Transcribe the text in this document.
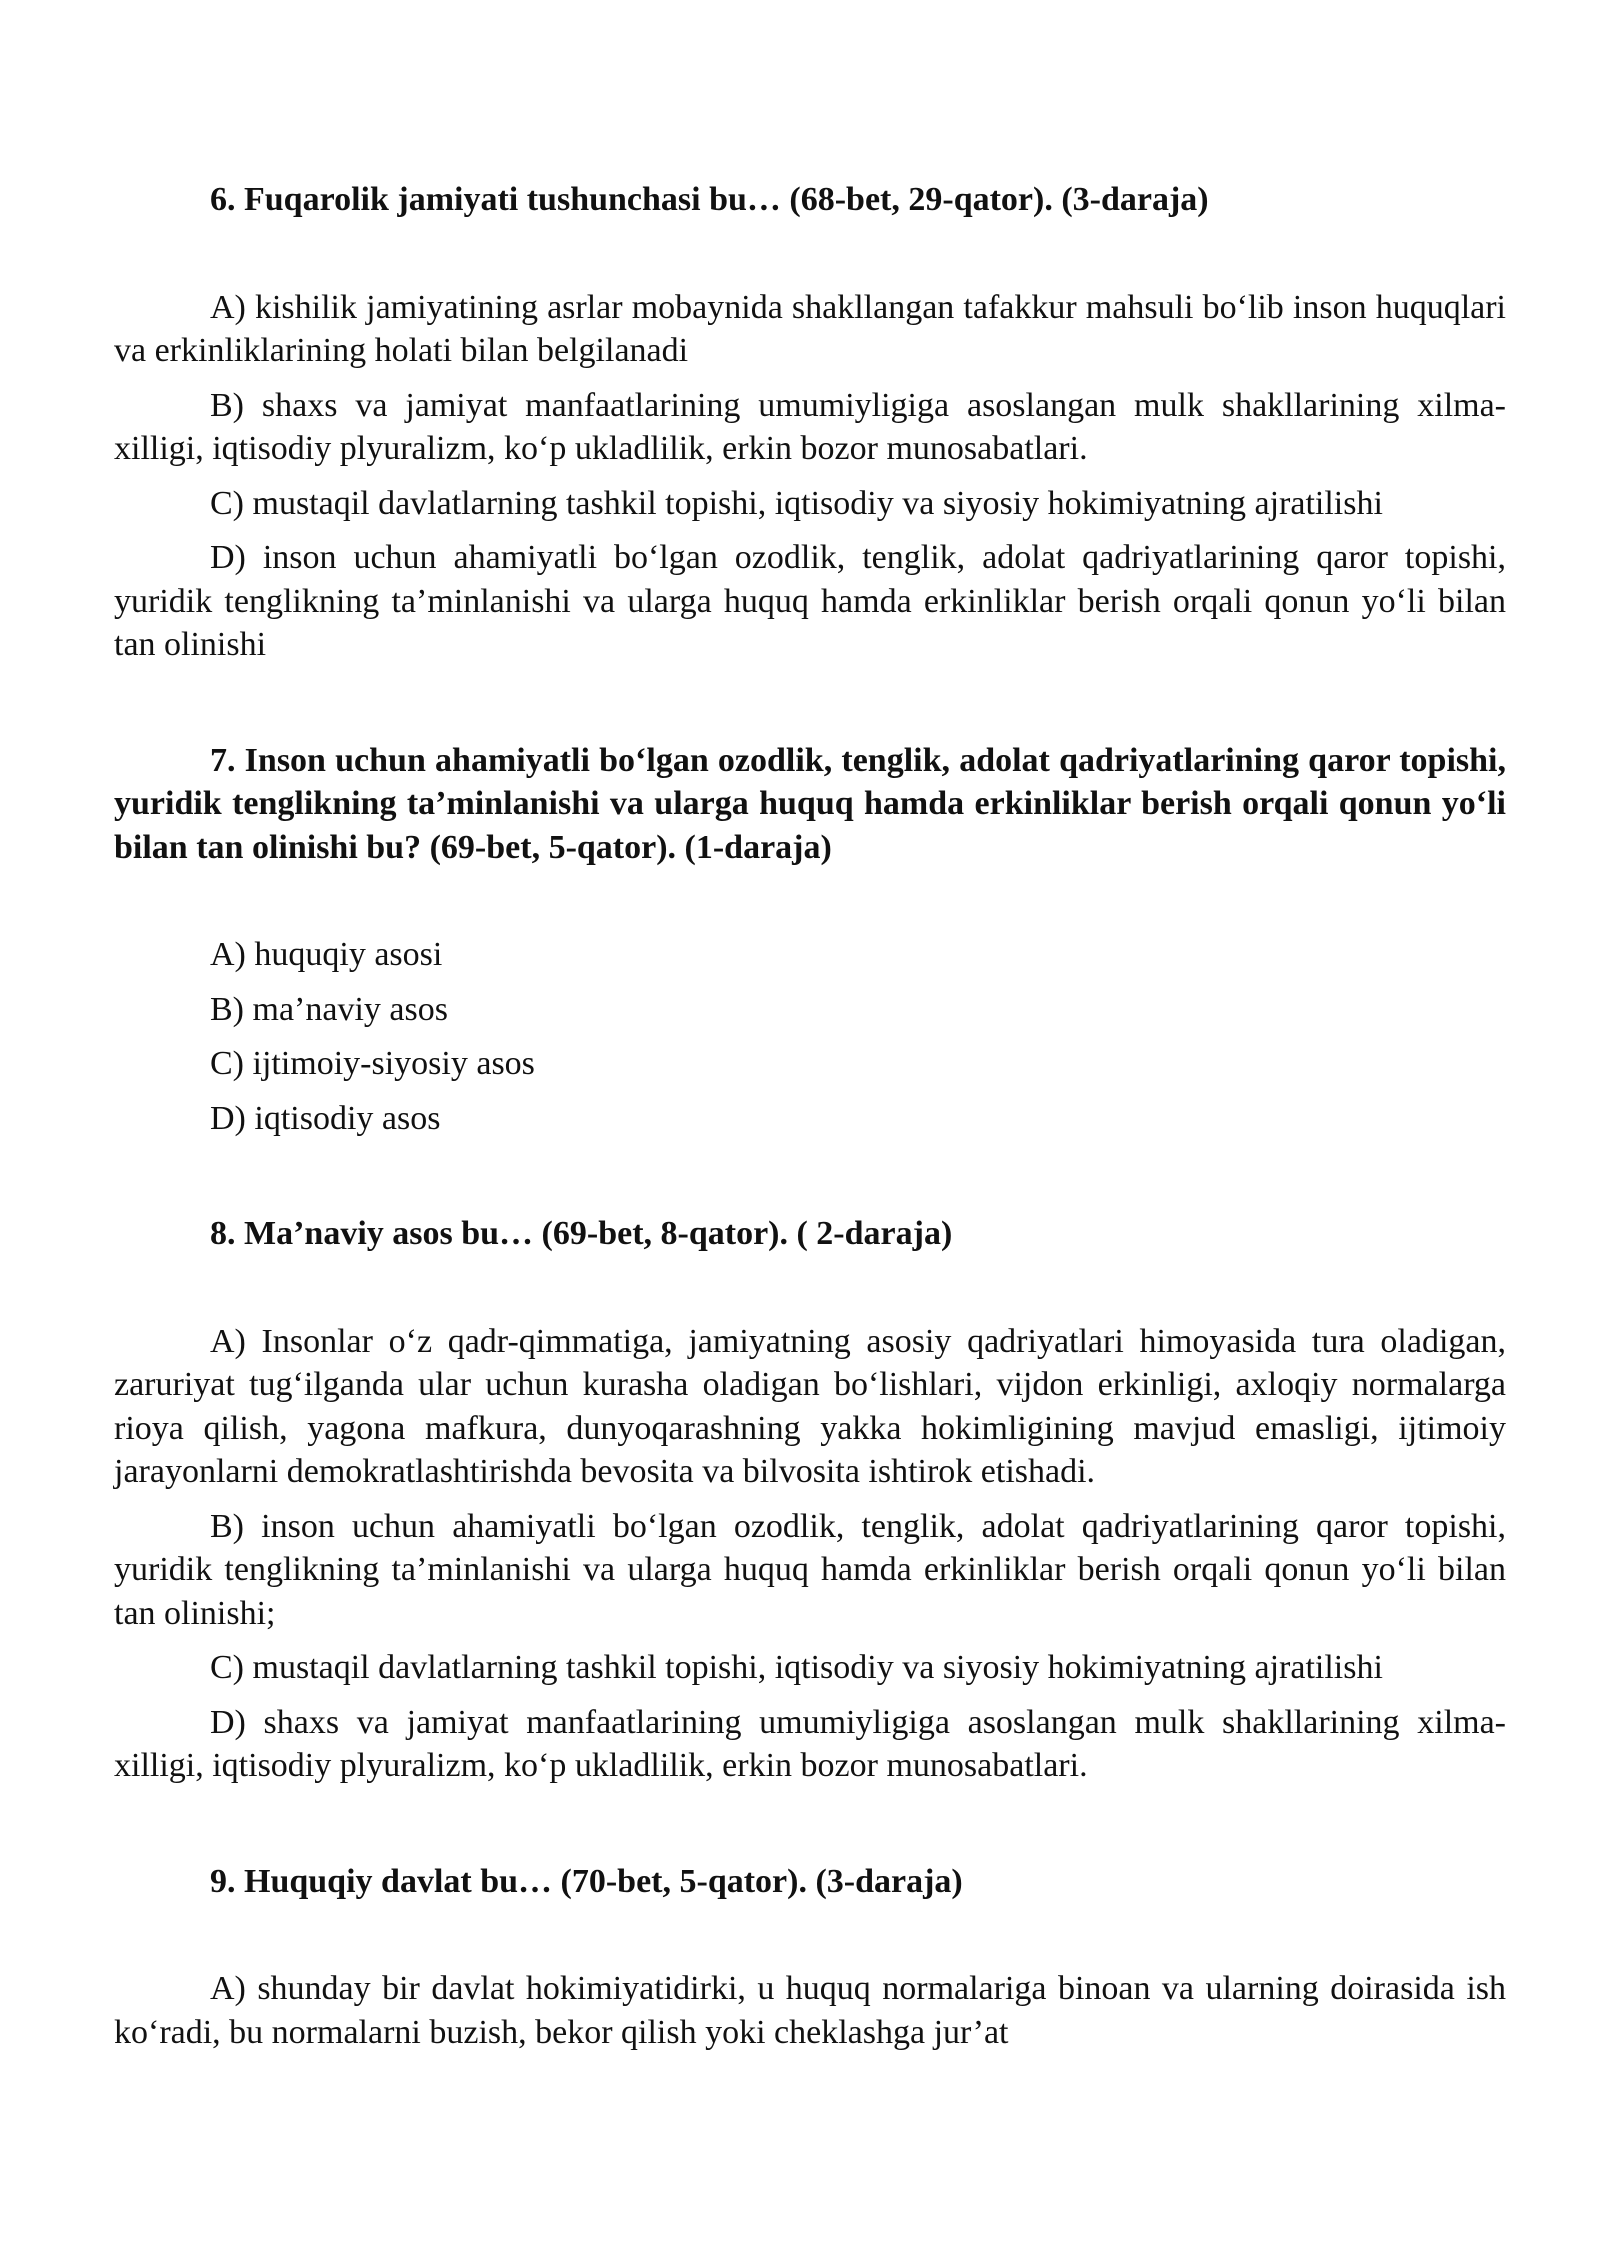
6. Fuqarolik jamiyati tushunchasi bu… (68-bet, 29-qator). (3-daraja)

A) kishilik jamiyatining asrlar mobaynida shakllangan tafakkur mahsuli bo‘lib inson huquqlari va erkinliklarining holati bilan belgilanadi

B) shaxs va jamiyat manfaatlarining umumiyligiga asoslangan mulk shakllarining xilma-xilligi, iqtisodiy plyuralizm, ko‘p ukladlilik, erkin bozor munosabatlari.

C) mustaqil davlatlarning tashkil topishi, iqtisodiy va siyosiy hokimiyatning ajratilishi

D) inson uchun ahamiyatli bo‘lgan ozodlik, tenglik, adolat qadriyatlarining qaror topishi, yuridik tenglikning ta’minlanishi va ularga huquq hamda erkinliklar berish orqali qonun yo‘li bilan tan olinishi

7. Inson uchun ahamiyatli bo‘lgan ozodlik, tenglik, adolat qadriyatlarining qaror topishi, yuridik tenglikning ta’minlanishi va ularga huquq hamda erkinliklar berish orqali qonun yo‘li bilan tan olinishi bu? (69-bet, 5-qator). (1-daraja)

A) huquqiy asosi

B) ma’naviy asos

C) ijtimoiy-siyosiy asos

D) iqtisodiy asos

8. Ma’naviy asos bu… (69-bet, 8-qator). ( 2-daraja)

A) Insonlar o‘z qadr-qimmatiga, jamiyatning asosiy qadriyatlari himoyasida tura oladigan, zaruriyat tug‘ilganda ular uchun kurasha oladigan bo‘lishlari, vijdon erkinligi, axloqiy normalarga rioya qilish, yagona mafkura, dunyoqarashning yakka hokimligining mavjud emasligi, ijtimoiy jarayonlarni demokratlashtirishda bevosita va bilvosita ishtirok etishadi.

B) inson uchun ahamiyatli bo‘lgan ozodlik, tenglik, adolat qadriyatlarining qaror topishi, yuridik tenglikning ta’minlanishi va ularga huquq hamda erkinliklar berish orqali qonun yo‘li bilan tan olinishi;

C) mustaqil davlatlarning tashkil topishi, iqtisodiy va siyosiy hokimiyatning ajratilishi

D) shaxs va jamiyat manfaatlarining umumiyligiga asoslangan mulk shakllarining xilma-xilligi, iqtisodiy plyuralizm, ko‘p ukladlilik, erkin bozor munosabatlari.

9. Huquqiy davlat bu… (70-bet, 5-qator). (3-daraja)

A) shunday bir davlat hokimiyatidirki, u huquq normalariga binoan va ularning doirasida ish ko‘radi, bu normalarni buzish, bekor qilish yoki cheklashga jur’at
